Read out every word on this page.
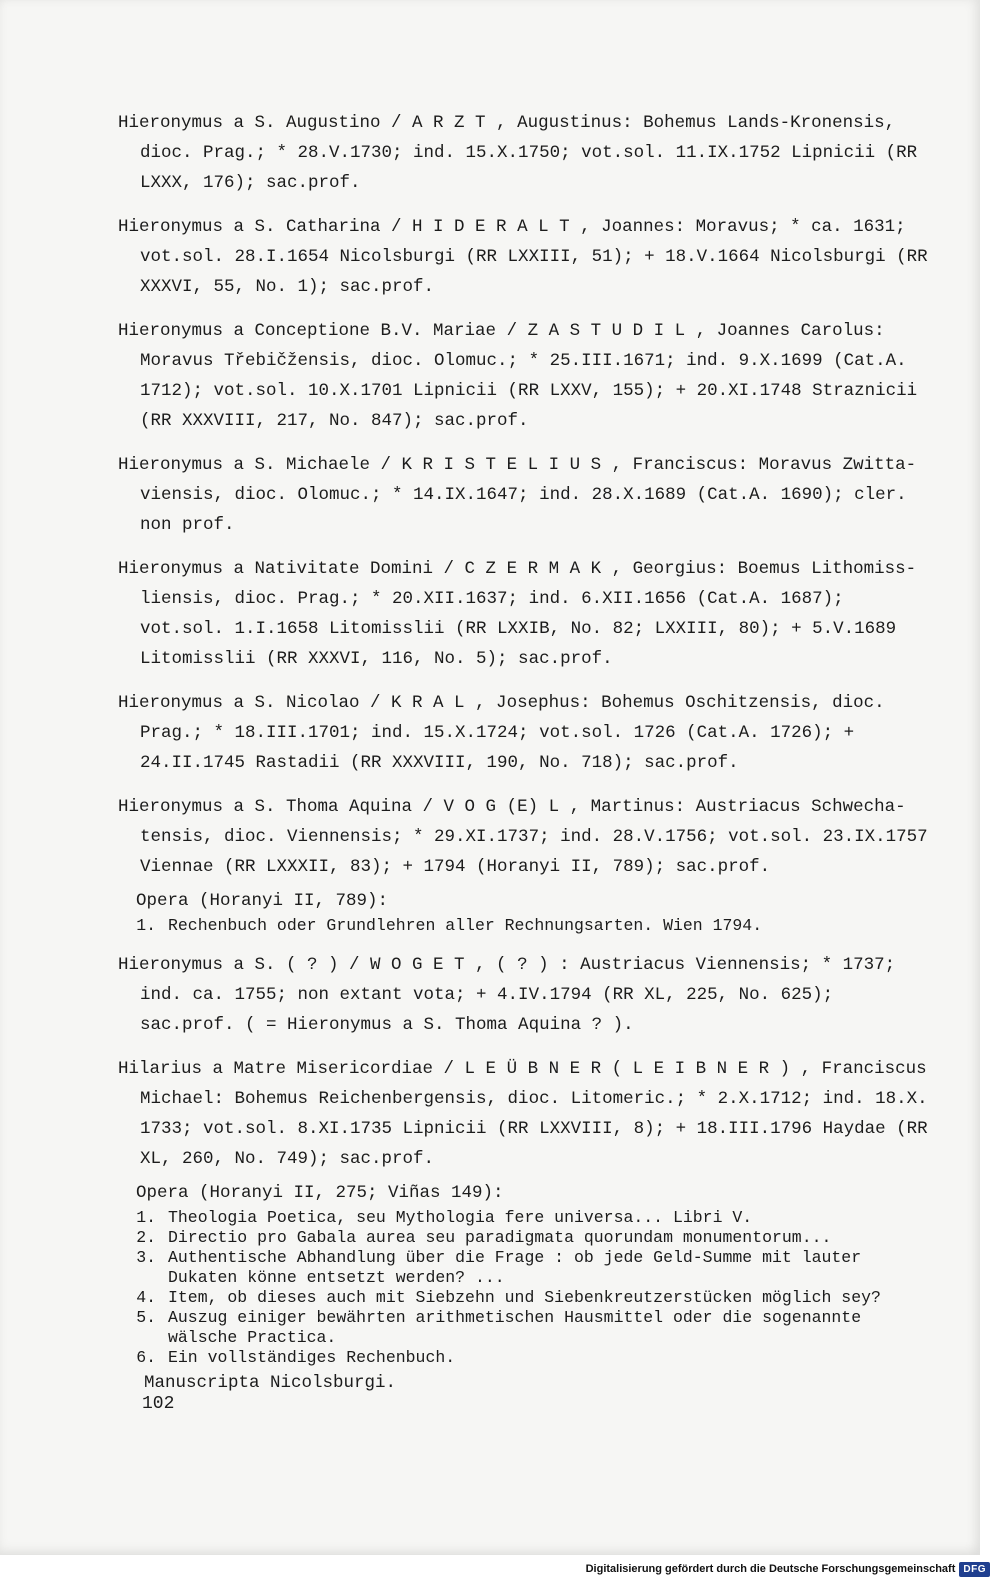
Hieronymus a S. Augustino / A R Z T , Augustinus: Bohemus Lands-Kronensis, dioc. Prag.; * 28.V.1730; ind. 15.X.1750; vot.sol. 11.IX.1752 Lipnicii (RR LXXX, 176); sac.prof.

Hieronymus a S. Catharina / H I D E R A L T , Joannes: Moravus; * ca. 1631; vot.sol. 28.I.1654 Nicolsburgi (RR LXXIII, 51); + 18.V.1664 Nicolsburgi (RR XXXVI, 55, No. 1); sac.prof.

Hieronymus a Conceptione B.V. Mariae / Z A S T U D I L , Joannes Carolus: Moravus Třebičžensis, dioc. Olomuc.; * 25.III.1671; ind. 9.X.1699 (Cat.A. 1712); vot.sol. 10.X.1701 Lipnicii (RR LXXV, 155); + 20.XI.1748 Straznicii (RR XXXVIII, 217, No. 847); sac.prof.

Hieronymus a S. Michaele / K R I S T E L I U S , Franciscus: Moravus Zwitta-viensis, dioc. Olomuc.; * 14.IX.1647; ind. 28.X.1689 (Cat.A. 1690); cler. non prof.

Hieronymus a Nativitate Domini / C Z E R M A K , Georgius: Boemus Lithomiss-liensis, dioc. Prag.; * 20.XII.1637; ind. 6.XII.1656 (Cat.A. 1687); vot.sol. 1.I.1658 Litomisslii (RR LXXIB, No. 82; LXXIII, 80); + 5.V.1689 Litomisslii (RR XXXVI, 116, No. 5); sac.prof.

Hieronymus a S. Nicolao / K R A L , Josephus: Bohemus Oschitzensis, dioc. Prag.; * 18.III.1701; ind. 15.X.1724; vot.sol. 1726 (Cat.A. 1726); + 24.II.1745 Rastadii (RR XXXVIII, 190, No. 718); sac.prof.

Hieronymus a S. Thoma Aquina / V O G (E) L , Martinus: Austriacus Schwecha-tensis, dioc. Viennensis; * 29.XI.1737; ind. 28.V.1756; vot.sol. 23.IX.1757 Viennae (RR LXXXII, 83); + 1794 (Horanyi II, 789); sac.prof.

Opera (Horanyi II, 789):

1. Rechenbuch oder Grundlehren aller Rechnungsarten. Wien 1794.

Hieronymus a S. ( ? ) / W O G E T , ( ? ) : Austriacus Viennensis; * 1737; ind. ca. 1755; non extant vota; + 4.IV.1794 (RR XL, 225, No. 625); sac.prof. ( = Hieronymus a S. Thoma Aquina ? ).

Hilarius a Matre Misericordiae / L E Ü B N E R ( L E I B N E R ) , Franciscus Michael: Bohemus Reichenbergensis, dioc. Litomeric.; * 2.X.1712; ind. 18.X. 1733; vot.sol. 8.XI.1735 Lipnicii (RR LXXVIII, 8); + 18.III.1796 Haydae (RR XL, 260, No. 749); sac.prof.

Opera (Horanyi II, 275; Viñas 149):

1. Theologia Poetica, seu Mythologia fere universa... Libri V.
2. Directio pro Gabala aurea seu paradigmata quorundam monumentorum...
3. Authentische Abhandlung über die Frage : ob jede Geld-Summe mit lauter Dukaten könne entsetzt werden? ...
4. Item, ob dieses auch mit Siebzehn und Siebenkreutzerstücken möglich sey?
5. Auszug einiger bewährten arithmetischen Hausmittel oder die sogenannte wälsche Practica.
6. Ein vollständiges Rechenbuch.

Manuscripta Nicolsburgi.

102
Digitalisierung gefördert durch die Deutsche Forschungsgemeinschaft DFG
